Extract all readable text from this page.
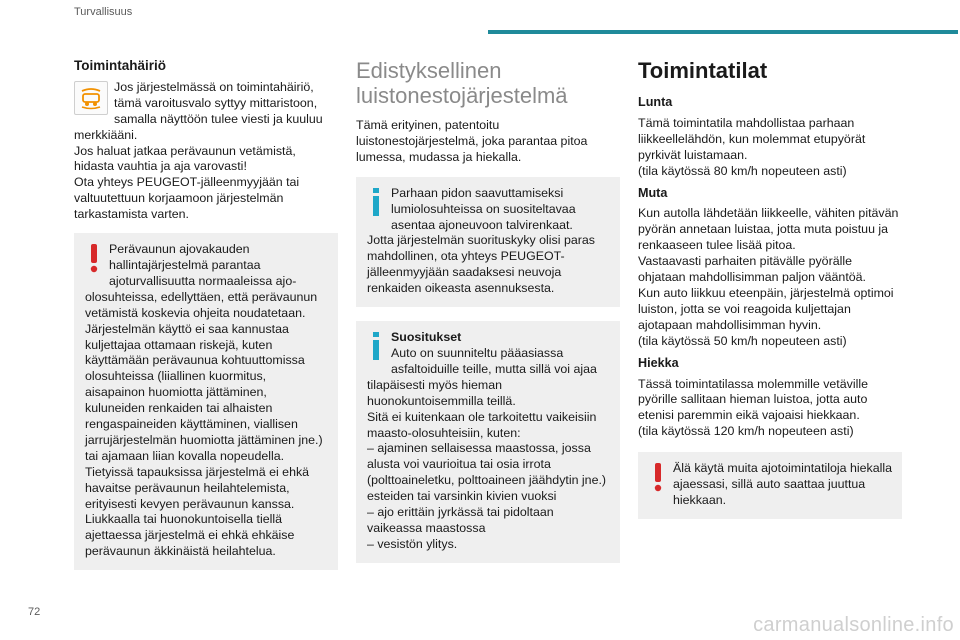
Turvallisuus
Toimintahäiriö

Jos järjestelmässä on toimintahäiriö, tämä varoitusvalo syttyy mittaristoon, samalla näyttöön tulee viesti ja kuuluu merkkiääni.

Jos haluat jatkaa perävaunun vetämistä, hidasta vauhtia ja aja varovasti!

Ota yhteys PEUGEOT-jälleenmyyjään tai valtuutettuun korjaamoon järjestelmän tarkastamista varten.

Perävaunun ajovakauden hallintajärjestelmä parantaa ajoturvallisuutta normaaleissa ajo-olosuhteissa, edellyttäen, että perävaunun vetämistä koskevia ohjeita noudatetaan.

Järjestelmän käyttö ei saa kannustaa kuljettajaa ottamaan riskejä, kuten käyttämään perävaunua kohtuuttomissa olosuhteissa (liiallinen kuormitus, aisapainon huomiotta jättäminen, kuluneiden renkaiden tai alhaisten rengaspaineiden käyttäminen, viallisen jarrujärjestelmän huomiotta jättäminen jne.) tai ajamaan liian kovalla nopeudella.

Tietyissä tapauksissa järjestelmä ei ehkä havaitse perävaunun heilahtelemista, erityisesti kevyen perävaunun kanssa.

Liukkaalla tai huonokuntoisella tiellä ajettaessa järjestelmä ei ehkä ehkäise perävaunun äkkinäistä heilahtelua.

Edistyksellinen luistonestojärjestelmä

Tämä erityinen, patentoitu luistonestojärjestelmä, joka parantaa pitoa lumessa, mudassa ja hiekalla.

Parhaan pidon saavuttamiseksi lumiolosuhteissa on suositeltavaa asentaa ajoneuvoon talvirenkaat.

Jotta järjestelmän suorituskyky olisi paras mahdollinen, ota yhteys PEUGEOT-jälleenmyyjään saadaksesi neuvoja renkaiden oikeasta asennuksesta.

Suositukset

Auto on suunniteltu pääasiassa asfaltoiduille teille, mutta sillä voi ajaa tilapäisesti myös hieman huonokuntoisemmilla teillä.

Sitä ei kuitenkaan ole tarkoitettu vaikeisiin maasto-olosuhteisiin, kuten:

– ajaminen sellaisessa maastossa, jossa alusta voi vaurioitua tai osia irrota (polttoaineletku, polttoaineen jäähdytin jne.) esteiden tai varsinkin kivien vuoksi

– ajo erittäin jyrkässä tai pidoltaan vaikeassa maastossa

– vesistön ylitys.

Toimintatilat
Lunta

Tämä toimintatila mahdollistaa parhaan liikkeellelähdön, kun molemmat etupyörät pyrkivät luistamaan.

(tila käytössä 80 km/h nopeuteen asti)

Muta

Kun autolla lähdetään liikkeelle, vähiten pitävän pyörän annetaan luistaa, jotta muta poistuu ja renkaaseen tulee lisää pitoa.

Vastaavasti parhaiten pitävälle pyörälle ohjataan mahdollisimman paljon vääntöä.

Kun auto liikkuu eteenpäin, järjestelmä optimoi luiston, jotta se voi reagoida kuljettajan ajotapaan mahdollisimman hyvin.

(tila käytössä 50 km/h nopeuteen asti)

Hiekka

Tässä toimintatilassa molemmille vetäville pyörille sallitaan hieman luistoa, jotta auto etenisi paremmin eikä vajoaisi hiekkaan.

(tila käytössä 120 km/h nopeuteen asti)

Älä käytä muita ajotoimintatiloja hiekalla ajaessasi, sillä auto saattaa juuttua hiekkaan.

72
carmanualsonline.info
